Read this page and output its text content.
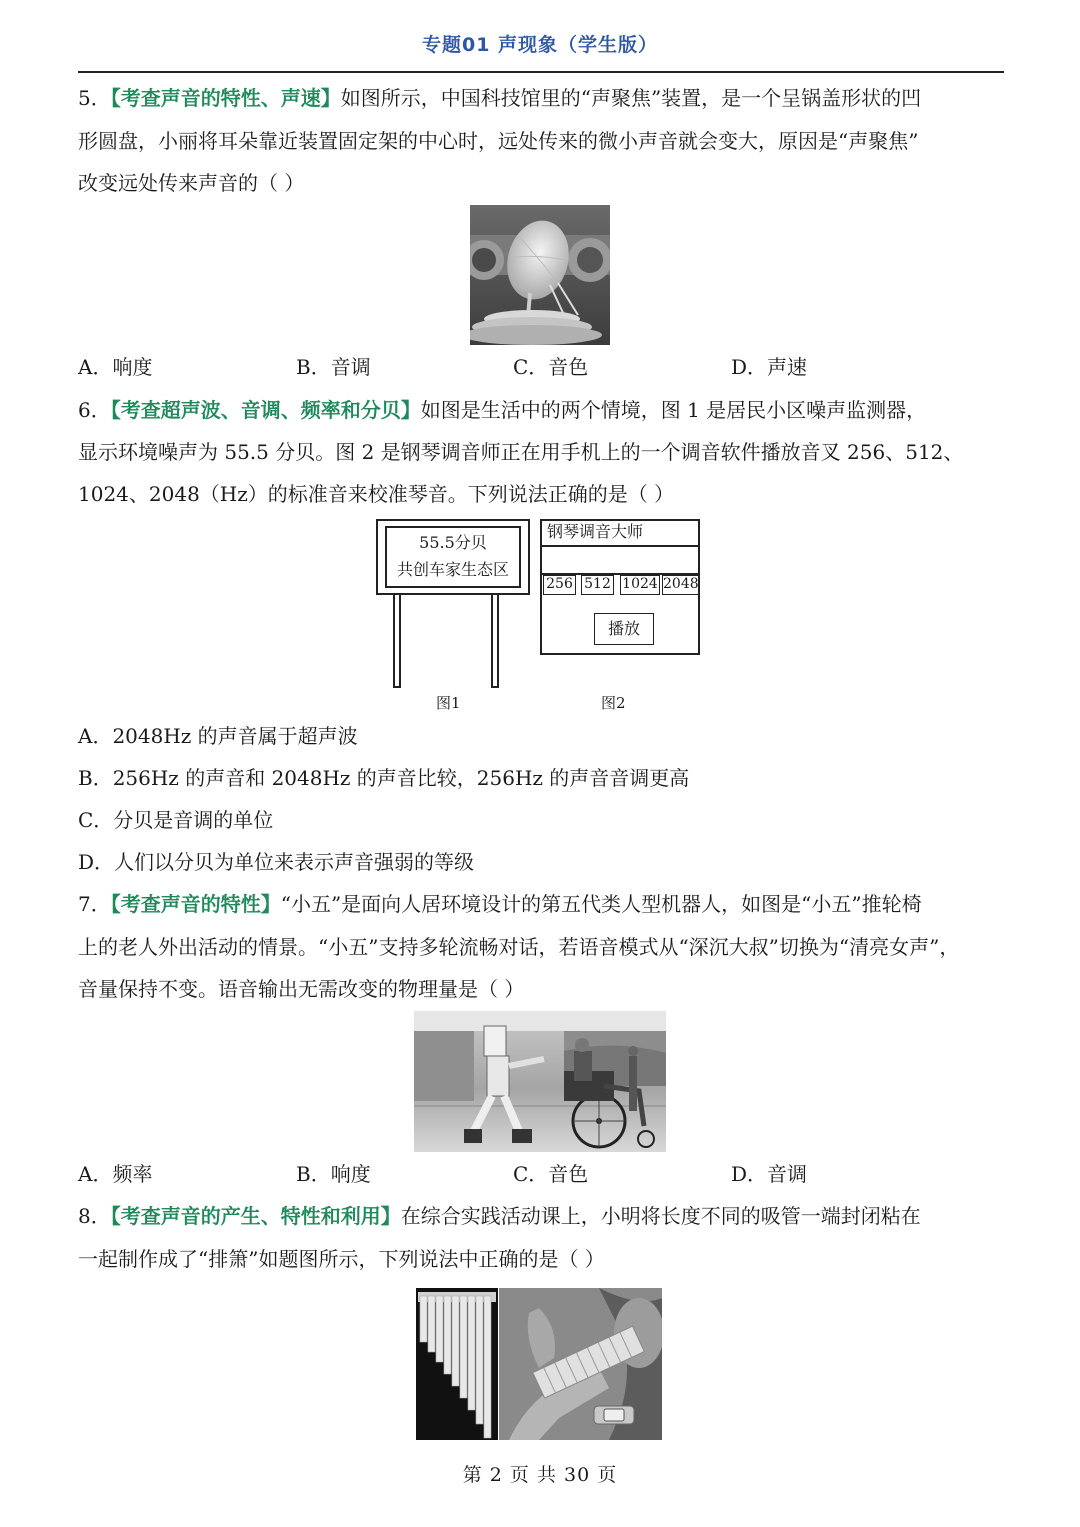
专题01 声现象（学生版）
5．【考查声音的特性、声速】如图所示，中国科技馆里的“声聚焦”装置，是一个呈锅盖形状的凹
形圆盘，小丽将耳朵靠近装置固定架的中心时，远处传来的微小声音就会变大，原因是“声聚焦”
改变远处传来声音的（ ）
A．响度	B．音调	C．音色	D．声速
6．【考查超声波、音调、频率和分贝】如图是生活中的两个情境，图 1 是居民小区噪声监测器，
显示环境噪声为 55.5 分贝。图 2 是钢琴调音师正在用手机上的一个调音软件播放音叉 256、512、
1024、2048（Hz）的标准音来校准琴音。下列说法正确的是（ ）
55.5分贝
共创车家生态区
图1
钢琴调音大师
256 512 1024 2048
播放
图2
A．2048Hz 的声音属于超声波
B．256Hz 的声音和 2048Hz 的声音比较，256Hz 的声音音调更高
C．分贝是音调的单位
D．人们以分贝为单位来表示声音强弱的等级
7．【考查声音的特性】“小五”是面向人居环境设计的第五代类人型机器人，如图是“小五”推轮椅
上的老人外出活动的情景。“小五”支持多轮流畅对话，若语音模式从“深沉大叔”切换为“清亮女声”，
音量保持不变。语音输出无需改变的物理量是（ ）
A．频率	B．响度	C．音色	D．音调
8．【考查声音的产生、特性和利用】在综合实践活动课上，小明将长度不同的吸管一端封闭粘在
一起制作成了“排箫”如题图所示，下列说法中正确的是（ ）
第 2 页 共 30 页
